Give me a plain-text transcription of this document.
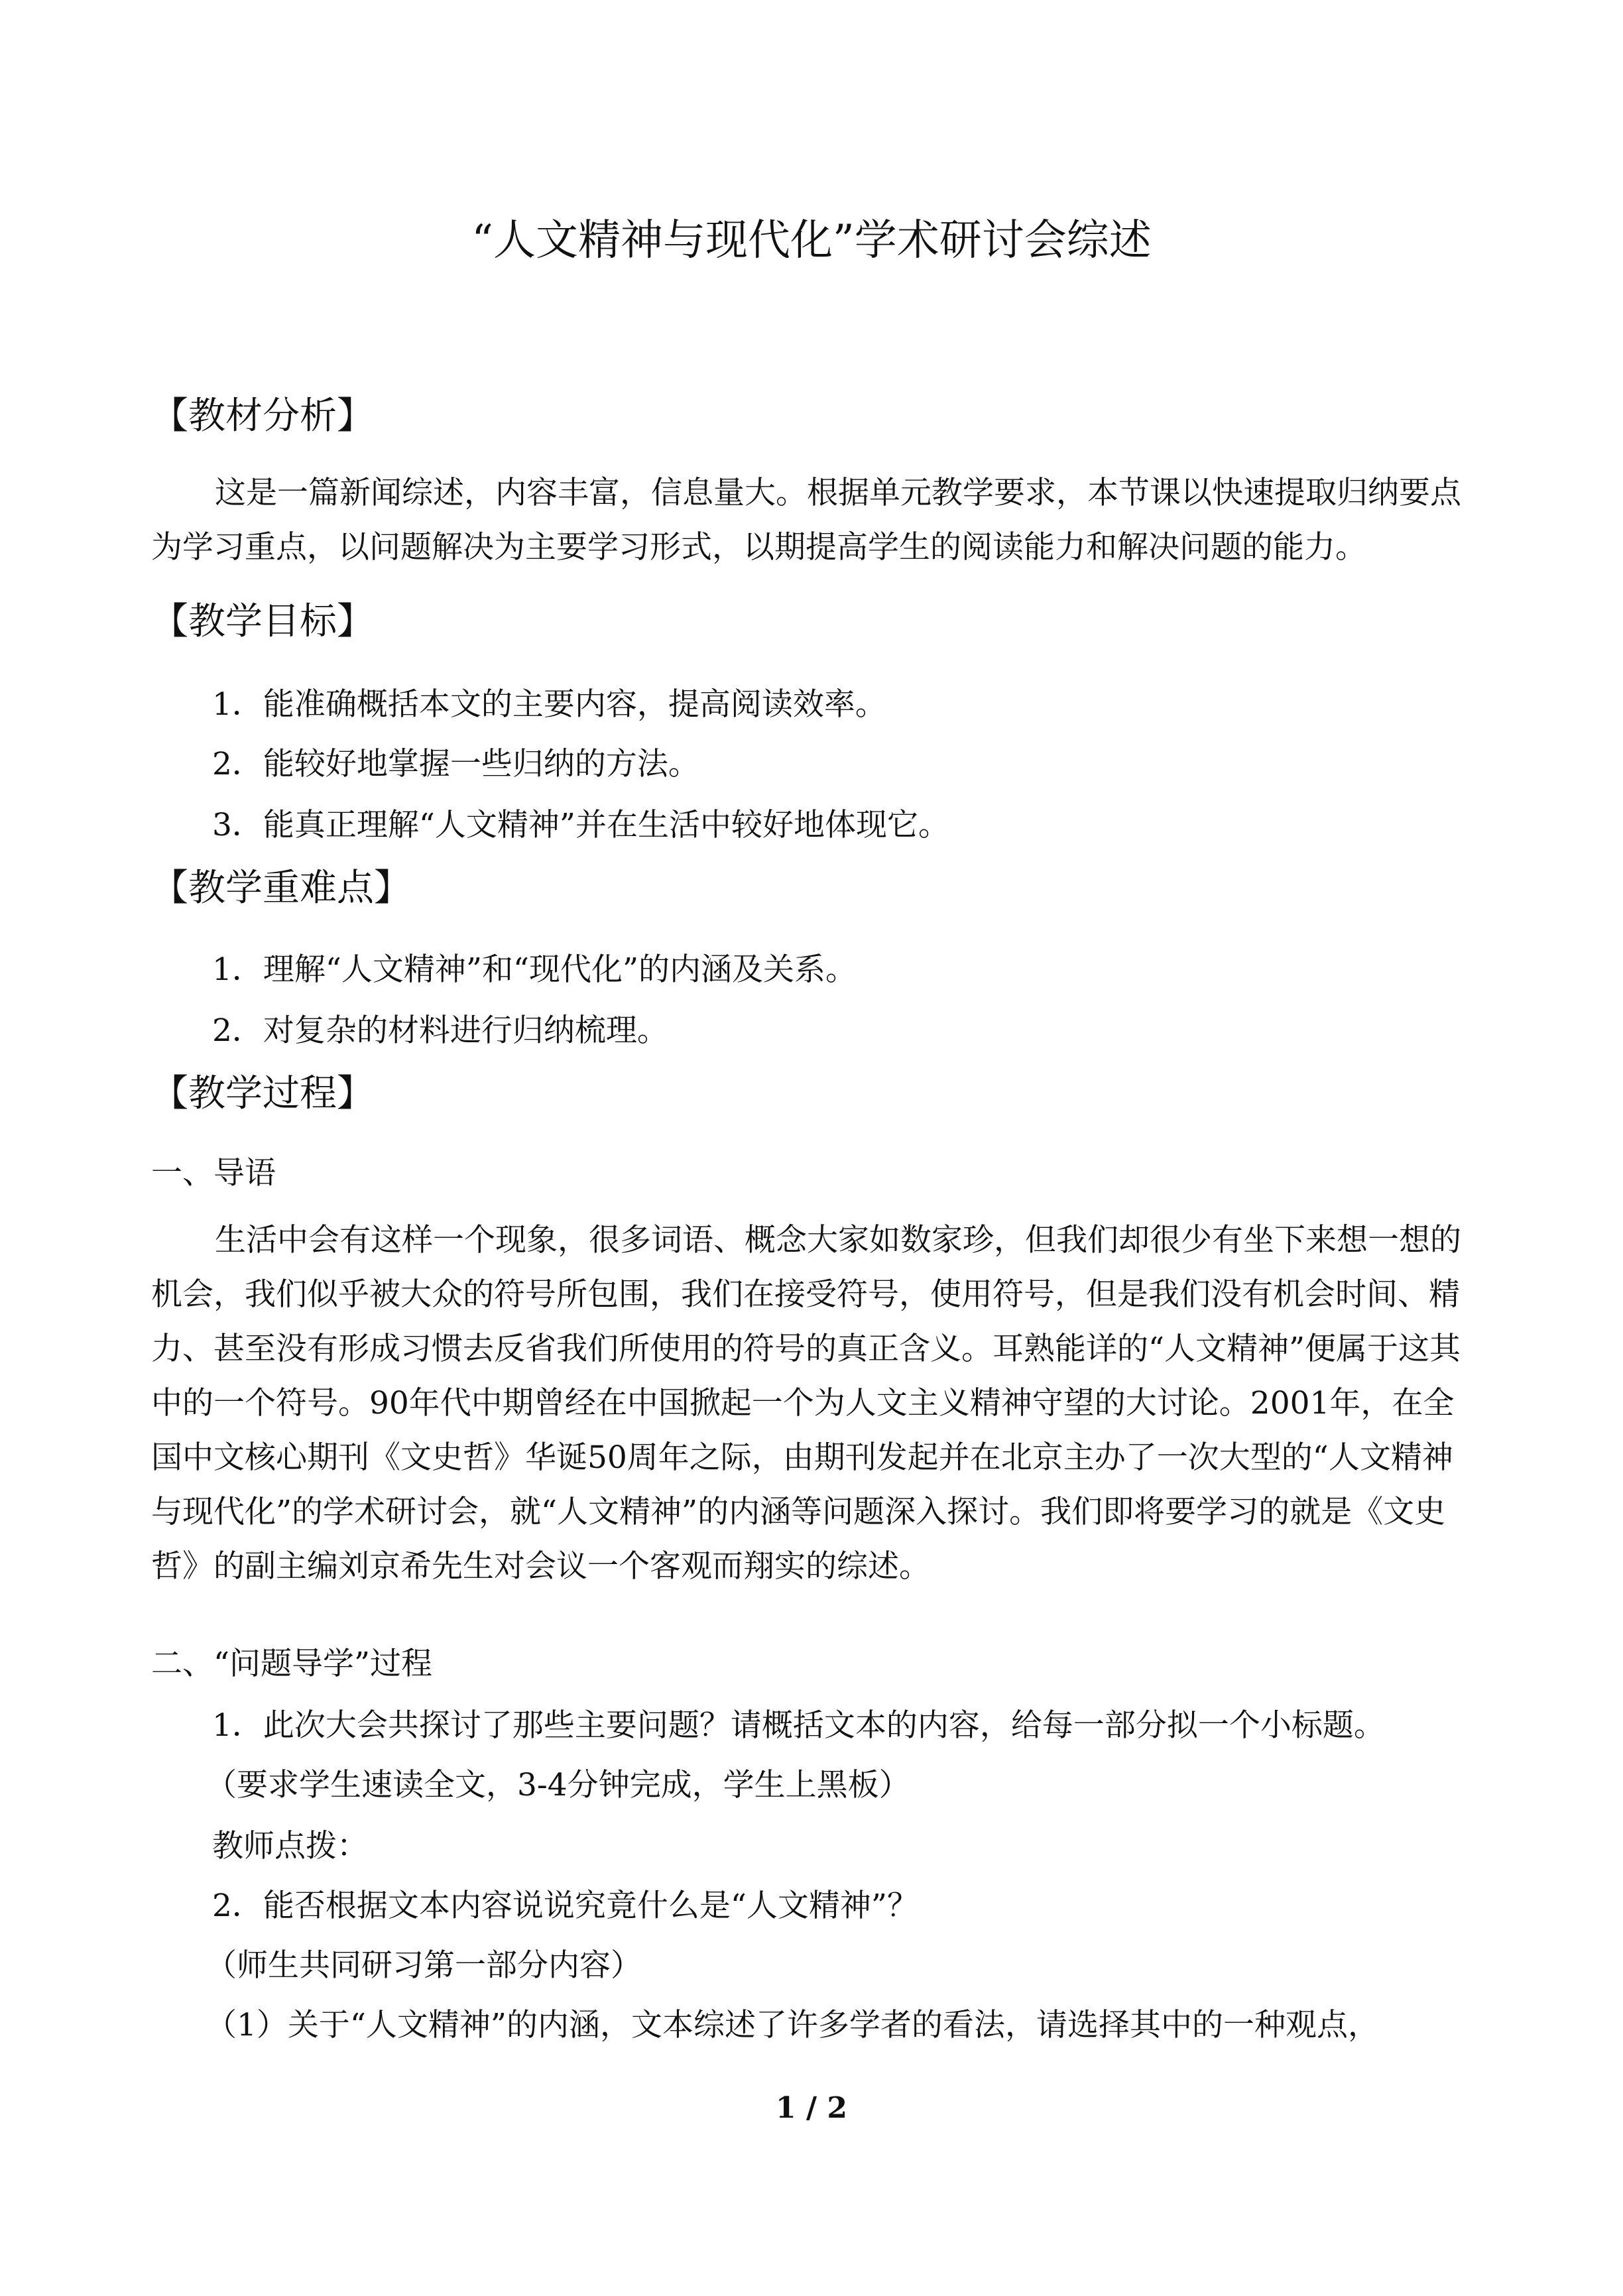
“人文精神与现代化”学术研讨会综述
【教材分析】
这是一篇新闻综述，内容丰富，信息量大。根据单元教学要求，本节课以快速提取归纳要点为学习重点，以问题解决为主要学习形式，以期提高学生的阅读能力和解决问题的能力。
【教学目标】
1．能准确概括本文的主要内容，提高阅读效率。
2．能较好地掌握一些归纳的方法。
3．能真正理解“人文精神”并在生活中较好地体现它。
【教学重难点】
1．理解“人文精神”和“现代化”的内涵及关系。
2．对复杂的材料进行归纳梳理。
【教学过程】
一、导语
生活中会有这样一个现象，很多词语、概念大家如数家珍，但我们却很少有坐下来想一想的机会，我们似乎被大众的符号所包围，我们在接受符号，使用符号，但是我们没有机会时间、精力、甚至没有形成习惯去反省我们所使用的符号的真正含义。耳熟能详的“人文精神”便属于这其中的一个符号。90年代中期曾经在中国掀起一个为人文主义精神守望的大讨论。2001年，在全国中文核心期刊《文史哲》华诞50周年之际，由期刊发起并在北京主办了一次大型的“人文精神与现代化”的学术研讨会，就“人文精神”的内涵等问题深入探讨。我们即将要学习的就是《文史哲》的副主编刘京希先生对会议一个客观而翔实的综述。
二、“问题导学”过程
1．此次大会共探讨了那些主要问题？请概括文本的内容，给每一部分拟一个小标题。
（要求学生速读全文，3-4分钟完成，学生上黑板）
教师点拨：
2．能否根据文本内容说说究竟什么是“人文精神”？
（师生共同研习第一部分内容）
（1）关于“人文精神”的内涵，文本综述了许多学者的看法，请选择其中的一种观点，
1 / 2
